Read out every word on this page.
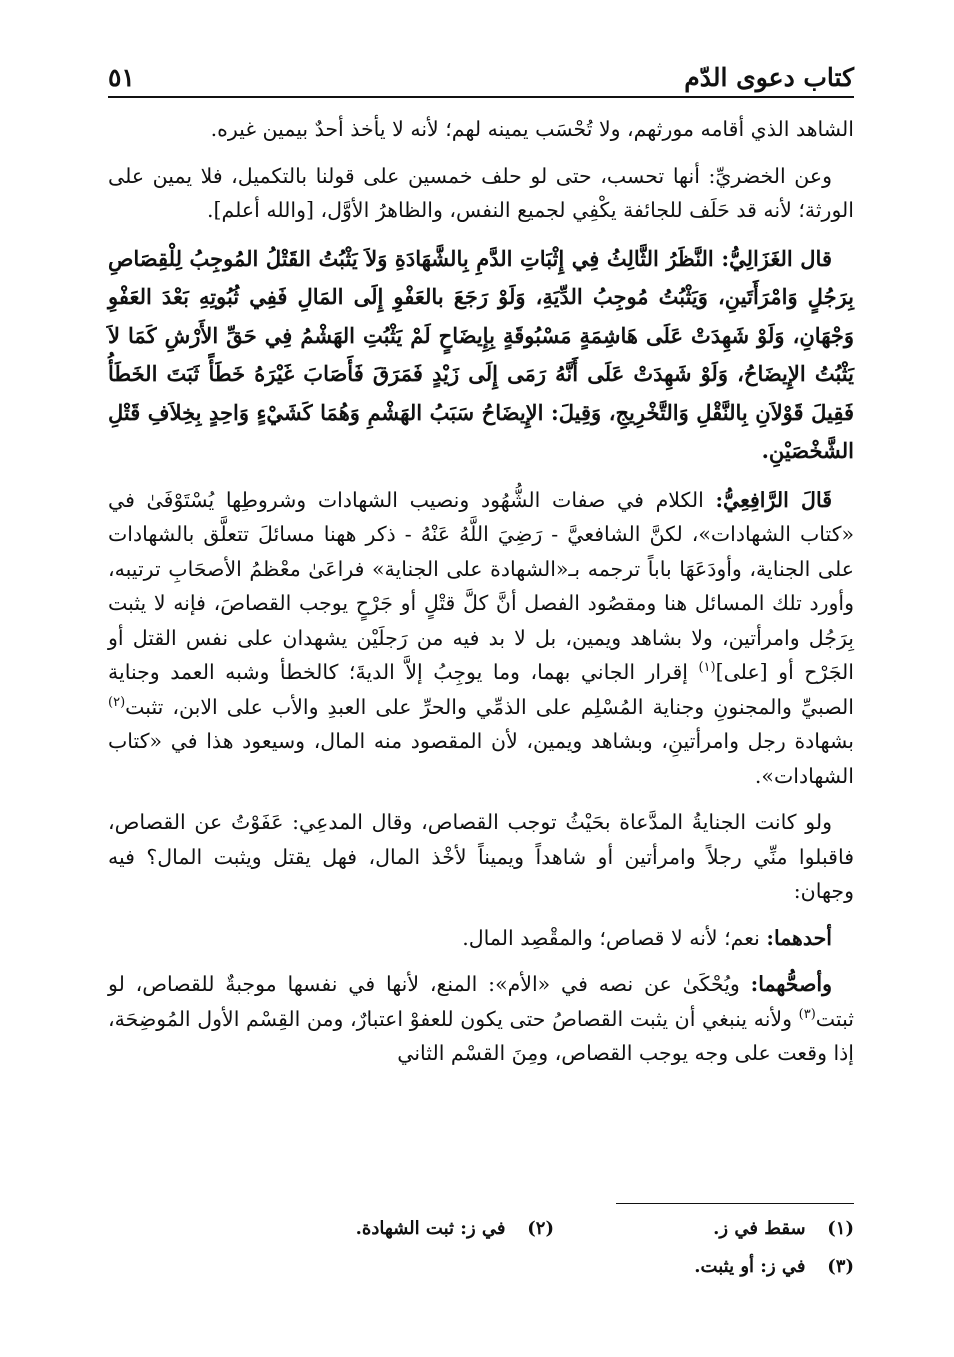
كتاب دعوى الدّم
٥١

الشاهد الذي أقامه مورثهم، ولا تُحْسَب يمينه لهم؛ لأنه لا يأخذ أحدٌ بيمين غيره.

وعن الخضريِّ: أنها تحسب، حتى لو حلف خمسين على قولنا بالتكميل، فلا يمين على الورثة؛ لأنه قد حَلَف للجائفة يكْفِي لجميع النفس، والظاهرُ الأوَّل، [والله أعلم].

قال الغَزَالِيُّ: النَّظَرُ الثَّالِثُ فِي إِثْبَاتِ الدَّمِ بِالشَّهَادَةِ وَلاَ يَثْبُتُ القَتْلُ المُوجِبُ لِلْقِصَاصِ بِرَجُلٍ وَامْرَأَتَينِ، وَيَثْبُتُ مُوجِبُ الدِّيَةِ، وَلَوْ رَجَعَ بالعَفْوِ إِلَى المَالِ فَفِي ثُبُوتِهِ بَعْدَ العَفْوِ وَجْهَانِ، وَلَوْ شَهِدَتْ عَلَى هَاشِمَةٍ مَسْبُوقَةٍ بِإِيضَاحٍ لَمْ يَثْبُتِ الهَشْمُ فِي حَقِّ الأَرْشِ كَمَا لاَ يَثْبُتُ الإِيضَاحُ، وَلَوْ شَهِدَتْ عَلَى أَنَّهُ رَمَى إِلَى زَيْدٍ فَمَرَقَ فَأَصَابَ غَيْرَهُ خَطَأً ثَبَتَ الخَطَأُ فَقِيلَ قَوْلاَنِ بِالنَّقْلِ وَالتَّخْرِيجِ، وَقِيلَ: الإِيضَاحُ سَبَبُ الهَشْمِ وَهُمَا كَشَيْءٍ وَاحِدٍ بِخِلاَفِ قَتْلِ الشَّخْصَيْنِ.

قَالَ الرَّافِعِيُّ: الكلام في صفات الشُّهُود ونصيب الشهادات وشروطِها يُسْتَوْفَىٰ في «كتاب الشهادات»، لكنَّ الشافعيَّ - رَضِيَ اللَّهُ عَنْهُ - ذكر ههنا مسائلَ تتعلَّق بالشهادات على الجناية، وأودَعَهَا باباً ترجمه بـ«الشهادة على الجناية» فراعَىٰ معْظمُ الأصحَابِ ترتيبه، وأورد تلك المسائل هنا ومقصُود الفصل أنَّ كلَّ قتْلٍ أو جَرْحٍ يوجب القصاصَ، فإنه لا يثبت بِرَجُل وامرأتين، ولا بشاهد ويمين، بل لا بد فيه من رَجلَيْن يشهدان على نفس القتل أو الجَرْح أو [على]$^{(١)}$ إقرار الجاني بهما، وما يوجِبُ إلاَّ الديةَ؛ كالخطأ وشبه العمد وجناية الصبيِّ والمجنونِ وجناية المُسْلِم على الذمِّي والحرِّ على العبدِ والأب على الابن، تثبت$^{(٢)}$ بشهادة رجل وامرأتينِ، وبشاهد ويمين، لأن المقصود منه المال، وسيعود هذا في «كتاب الشهادات».

ولو كانت الجنايةُ المدَّعاة بحَيْثُ توجب القصاص، وقال المدعِي: عَفَوْتُ عن القصاص، فاقبلوا منِّي رجلاً وامرأتين أو شاهداً ويميناً لأخْذ المال، فهل يقتل ويثبت المال؟ فيه وجهان:

أحدهما: نعم؛ لأنه لا قصاص؛ والمقْصِد المال.

وأصحُّهما: ويُحْكَىٰ عن نصه في «الأم»: المنع، لأنها في نفسها موجبةٌ للقصاص، لو ثبتت$^{(٣)}$ ولأنه ينبغي أن يثبت القصاصُ حتى يكون للعفوْ اعتبارٌ، ومن القِسْم الأول المُوضِحَة، إذا وقعت على وجه يوجب القصاص، ومِنَ القسْم الثاني

(١) سقط في ز.
(٢) في ز: ثبت الشهادة.
(٣) في ز: أو يثبت.
